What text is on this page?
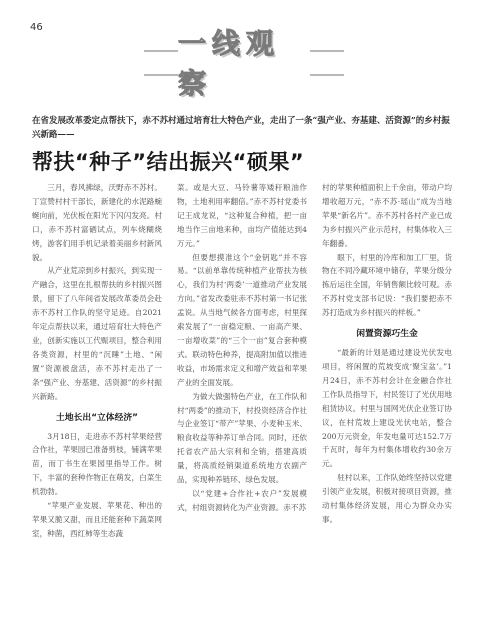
46	一线观察
在省发展改革委定点帮扶下，赤不苏村通过培育壮大特色产业，走出了一条“强产业、夯基建、活资源”的乡村振兴新路——
帮扶“种子”结出振兴“硕果”

三月，春风拂绿，沃野赤不苏村。丁宣赞村村干部长，新建化的水泥路蜿蜒向前，光伏板在阳光下闪闪发亮。村口，赤不苏村富硒试点，列车烧糊烧烤，游客们用手机记录着美丽乡村新风貌。

从产业荒凉到乡村振兴，到实现一产融合，这里在扎根帮扶的乡村振兴图景，留下了八年间省发展改革委员会赴赤不苏村工作队的坚守足迹。自2021年定点帮扶以来，通过培育壮大特色产业，创新实施以工代赈项目，整合利用各类资源，村里的“沉睡”土地、“闲置”资源被盘活，赤不苏村走出了一条“强产业、夯基建、活资源”的乡村振兴新路。

土地长出“立体经济”

3月18日，走进赤不苏村苹果经营合作社，苹果园已准备剪枝，铺满苹果苗，而丁书生在果园里指导工作。树下，丰富的套种作物正在萌发，白菜生机勃勃。

“苹果产业发展、苹果花、种出的苹果又脆又甜，而且还能套种下蔬菜网室，种菌，西红柿等生态蔬

菜。或是大豆、马铃薯等矮秆粮油作物，土地利用率翻倍。”赤不苏村党委书记王成龙说，“这种复合种植，把一亩地当作三亩地来种，亩均产值能达到4万元。”

但要想摸准这个“金钥匙”并不容易。“以前单靠传统种植产业帮扶为核心，我们为村‘两委’一道推动产业发展方向。”省发改委驻赤不苏村第一书记张孟说。从当地气候各方面考虑，村里探索发展了“一亩稳定粮、一亩高产果、一亩增收菜”的“三个一亩”复合套种模式。联动特色种养，提高附加值以推进收益，市场需求定义和增产效益和苹果产业的全面发展。

为做大做强特色产业，在工作队和村“两委”的推动下，村投资经济合作社与企业签订“带产”苹果、小麦种玉米、粮食收益等种养订单合同。同时，还依托省农产品大宗利和全销，搭建高质量，将高质经销渠道系统地方农副产品，实现种养链环、绿色发展。

以“党建+合作社+农户”发展模式，村组资源转化为产业资源。赤不苏

村的苹果种植面积上千余亩，带动户均增收超万元，“赤不苏·瑶山”成为当地苹果“新名片”。赤不苏村各村产业已成为乡村振兴产业示范村，村集体收入三年翻番。

眼下，村里的冷库和加工厂里，货物在不同冷藏环境中储存，苹果分级分拣后运往全国，年销售额比较可观。赤不苏村党支部书记说：“我们要把赤不苏打造成为乡村振兴的样板。”

闲置资源巧生金

“最新的计划是通过建设光伏发电项目，将闲置的荒坡变成‘聚宝盆’。”1月24日，赤不苏村会计在金融合作社工作队员指导下，村民签订了光伏用地租赁协议。村里与国网光伏企业签订协议，在村荒坡上建设光伏电站，整合200万元资金，年发电量可达152.7万千瓦时，每年为村集体增收约30余万元。

驻村以来，工作队始终坚持以党建引领产业发展，积极对接项目资源，推动村集体经济发展，用心为群众办实事。
